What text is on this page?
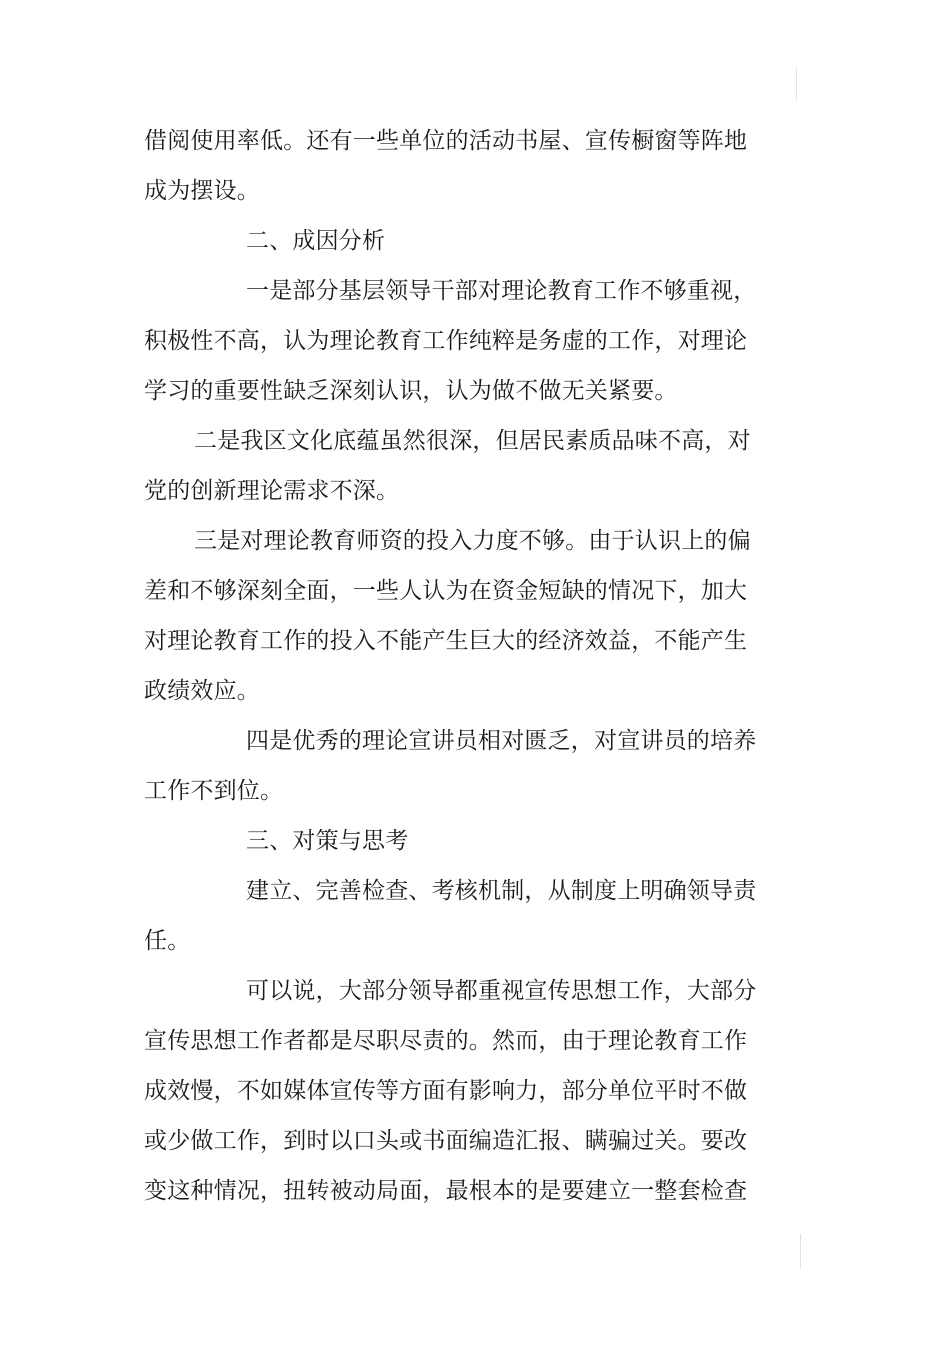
借阅使用率低。还有一些单位的活动书屋、宣传橱窗等阵地
成为摆设。
二、成因分析
一是部分基层领导干部对理论教育工作不够重视，
积极性不高，认为理论教育工作纯粹是务虚的工作，对理论
学习的重要性缺乏深刻认识，认为做不做无关紧要。
二是我区文化底蕴虽然很深，但居民素质品味不高，对
党的创新理论需求不深。
三是对理论教育师资的投入力度不够。由于认识上的偏
差和不够深刻全面，一些人认为在资金短缺的情况下，加大
对理论教育工作的投入不能产生巨大的经济效益，不能产生
政绩效应。
四是优秀的理论宣讲员相对匮乏，对宣讲员的培养
工作不到位。
三、对策与思考
建立、完善检查、考核机制，从制度上明确领导责
任。
可以说，大部分领导都重视宣传思想工作，大部分
宣传思想工作者都是尽职尽责的。然而，由于理论教育工作
成效慢，不如媒体宣传等方面有影响力，部分单位平时不做
或少做工作，到时以口头或书面编造汇报、瞒骗过关。要改
变这种情况，扭转被动局面，最根本的是要建立一整套检查
